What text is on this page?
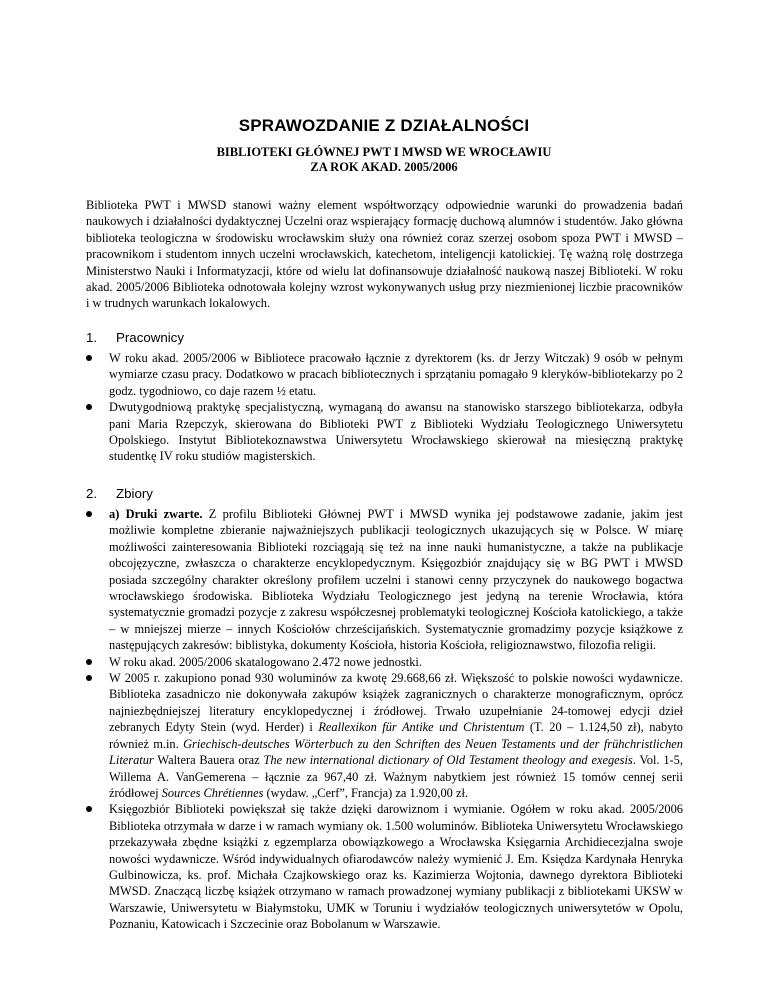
SPRAWOZDANIE Z DZIAŁALNOŚCI
BIBLIOTEKI GŁÓWNEJ PWT I MWSD WE WROCŁAWIU
ZA ROK AKAD. 2005/2006
Biblioteka PWT i MWSD stanowi ważny element współtworzący odpowiednie warunki do prowadzenia badań naukowych i działalności dydaktycznej Uczelni oraz wspierający formację duchową alumnów i studentów. Jako główna biblioteka teologiczna w środowisku wrocławskim służy ona również coraz szerzej osobom spoza PWT i MWSD – pracownikom i studentom innych uczelni wrocławskich, katechetom, inteligencji katolickiej. Tę ważną rolę dostrzega Ministerstwo Nauki i Informatyzacji, które od wielu lat dofinansowuje działalność naukową naszej Biblioteki. W roku akad. 2005/2006 Biblioteka odnotowała kolejny wzrost wykonywanych usług przy niezmienionej liczbie pracowników i w trudnych warunkach lokalowych.
1. Pracownicy
W roku akad. 2005/2006 w Bibliotece pracowało łącznie z dyrektorem (ks. dr Jerzy Witczak) 9 osób w pełnym wymiarze czasu pracy. Dodatkowo w pracach bibliotecznych i sprzątaniu pomagało 9 kleryków-bibliotekarzy po 2 godz. tygodniowo, co daje razem ½ etatu.
Dwutygodniową praktykę specjalistyczną, wymaganą do awansu na stanowisko starszego bibliotekarza, odbyła pani Maria Rzepczyk, skierowana do Biblioteki PWT z Biblioteki Wydziału Teologicznego Uniwersytetu Opolskiego. Instytut Bibliotekoznawstwa Uniwersytetu Wrocławskiego skierował na miesięczną praktykę studentkę IV roku studiów magisterskich.
2. Zbiory
a) Druki zwarte. Z profilu Biblioteki Głównej PWT i MWSD wynika jej podstawowe zadanie, jakim jest możliwie kompletne zbieranie najważniejszych publikacji teologicznych ukazujących się w Polsce. W miarę możliwości zainteresowania Biblioteki rozciągają się też na inne nauki humanistyczne, a także na publikacje obcojęzyczne, zwłaszcza o charakterze encyklopedycznym. Księgozbiór znajdujący się w BG PWT i MWSD posiada szczególny charakter określony profilem uczelni i stanowi cenny przyczynek do naukowego bogactwa wrocławskiego środowiska. Biblioteka Wydziału Teologicznego jest jedyną na terenie Wrocławia, która systematycznie gromadzi pozycje z zakresu współczesnej problematyki teologicznej Kościoła katolickiego, a także – w mniejszej mierze – innych Kościołów chrześcijańskich. Systematycznie gromadzimy pozycje książkowe z następujących zakresów: biblistyka, dokumenty Kościoła, historia Kościoła, religioznawstwo, filozofia religii.
W roku akad. 2005/2006 skatalogowano 2.472 nowe jednostki.
W 2005 r. zakupiono ponad 930 woluminów za kwotę 29.668,66 zł. Większość to polskie nowości wydawnicze. Biblioteka zasadniczo nie dokonywała zakupów książek zagranicznych o charakterze monograficznym, oprócz najniezbędniejszej literatury encyklopedycznej i źródłowej. Trwało uzupełnianie 24-tomowej edycji dzieł zebranych Edyty Stein (wyd. Herder) i Reallexikon für Antike und Christentum (T. 20 – 1.124,50 zł), nabyto również m.in. Griechisch-deutsches Wörterbuch zu den Schriften des Neuen Testaments und der frühchristlichen Literatur Waltera Bauera oraz The new international dictionary of Old Testament theology and exegesis. Vol. 1-5, Willema A. VanGemerena – łącznie za 967,40 zł. Ważnym nabytkiem jest również 15 tomów cennej serii źródłowej Sources Chrétiennes (wydaw. „Cerf”, Francja) za 1.920,00 zł.
Księgozbiór Biblioteki powiększał się także dzięki darowiznom i wymianie. Ogółem w roku akad. 2005/2006 Biblioteka otrzymała w darze i w ramach wymiany ok. 1.500 woluminów. Biblioteka Uniwersytetu Wrocławskiego przekazywała zbędne książki z egzemplarza obowiązkowego a Wrocławska Księgarnia Archidiecezjalna swoje nowości wydawnicze. Wśród indywidualnych ofiarodawców należy wymienić J. Em. Księdza Kardynała Henryka Gulbinowicza, ks. prof. Michała Czajkowskiego oraz ks. Kazimierza Wojtonia, dawnego dyrektora Biblioteki MWSD. Znaczącą liczbę książek otrzymano w ramach prowadzonej wymiany publikacji z bibliotekami UKSW w Warszawie, Uniwersytetu w Białymstoku, UMK w Toruniu i wydziałów teologicznych uniwersytetów w Opolu, Poznaniu, Katowicach i Szczecinie oraz Bobolanum w Warszawie.
